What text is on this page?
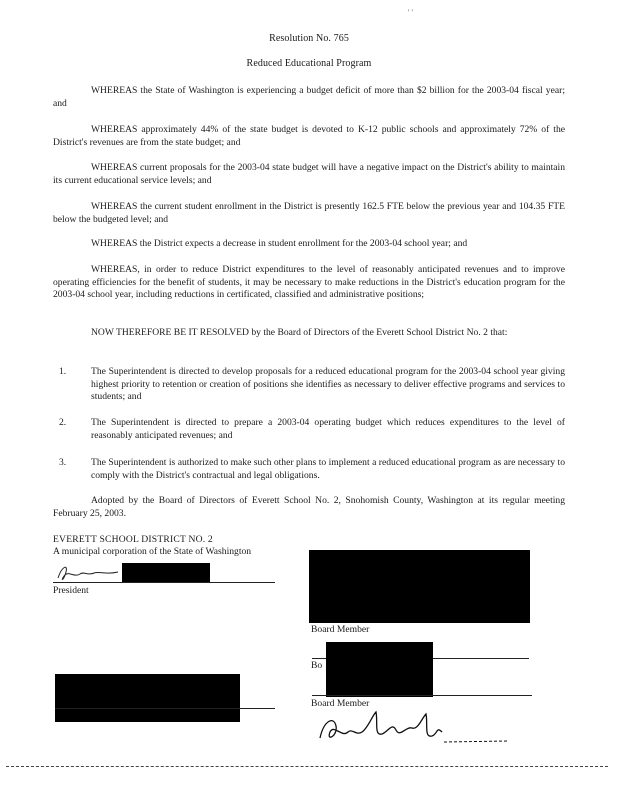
' '
Resolution No. 765
Reduced Educational Program

WHEREAS the State of Washington is experiencing a budget deficit of more than $2 billion for the 2003-04 fiscal year; and

WHEREAS approximately 44% of the state budget is devoted to K-12 public schools and approximately 72% of the District's revenues are from the state budget; and

WHEREAS current proposals for the 2003-04 state budget will have a negative impact on the District's ability to maintain its current educational service levels; and

WHEREAS the current student enrollment in the District is presently 162.5 FTE below the previous year and 104.35 FTE below the budgeted level; and

WHEREAS the District expects a decrease in student enrollment for the 2003-04 school year; and

WHEREAS, in order to reduce District expenditures to the level of reasonably anticipated revenues and to improve operating efficiencies for the benefit of students, it may be necessary to make reductions in the District's education program for the 2003-04 school year, including reductions in certificated, classified and administrative positions;

NOW THEREFORE BE IT RESOLVED by the Board of Directors of the Everett School District No. 2 that:

1.	The Superintendent is directed to develop proposals for a reduced educational program for the 2003-04 school year giving highest priority to retention or creation of positions she identifies as necessary to deliver effective programs and services to students; and
2.	The Superintendent is directed to prepare a 2003-04 operating budget which reduces expenditures to the level of reasonably anticipated revenues; and
3.	The Superintendent is authorized to make such other plans to implement a reduced educational program as are necessary to comply with the District's contractual and legal obligations.

Adopted by the Board of Directors of Everett School No. 2, Snohomish County, Washington at its regular meeting February 25, 2003.

EVERETT SCHOOL DISTRICT NO. 2
A municipal corporation of the State of Washington
President
Board Member
Bo
Board Member
